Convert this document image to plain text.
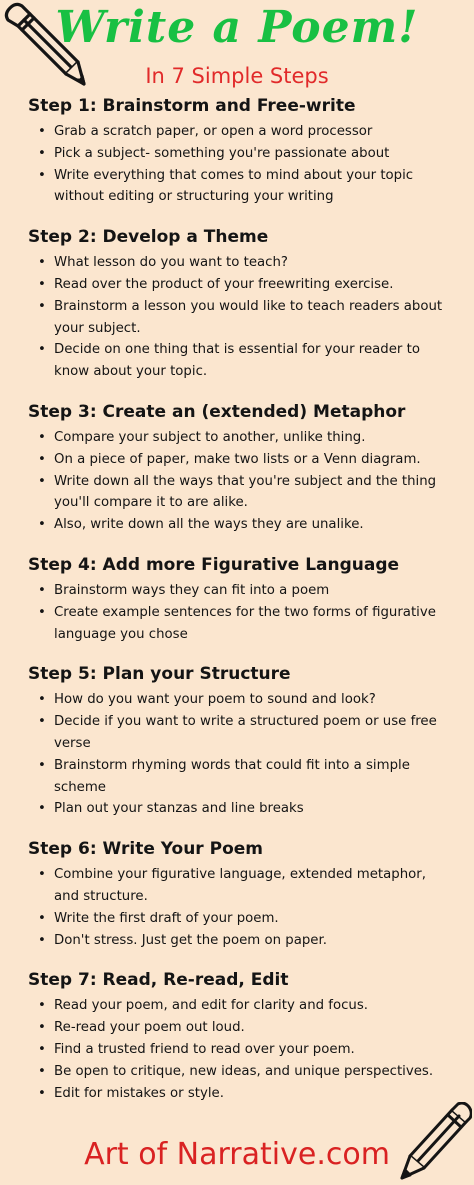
Write a Poem!
In 7 Simple Steps
Step 1: Brainstorm and Free-write
• Grab a scratch paper, or open a word processor
• Pick a subject- something you're passionate about
• Write everything that comes to mind about your topic without editing or structuring your writing
Step 2: Develop a Theme
• What lesson do you want to teach?
• Read over the product of your freewriting exercise.
• Brainstorm a lesson you would like to teach readers about your subject.
• Decide on one thing that is essential for your reader to know about your topic.
Step 3: Create an (extended) Metaphor
• Compare your subject to another, unlike thing.
• On a piece of paper, make two lists or a Venn diagram.
• Write down all the ways that you're subject and the thing you'll compare it to are alike.
• Also, write down all the ways they are unalike.
Step 4: Add more Figurative Language
• Brainstorm ways they can fit into a poem
• Create example sentences for the two forms of figurative language you chose
Step 5: Plan your Structure
• How do you want your poem to sound and look?
• Decide if you want to write a structured poem or use free verse
• Brainstorm rhyming words that could fit into a simple scheme
• Plan out your stanzas and line breaks
Step 6: Write Your Poem
• Combine your figurative language, extended metaphor, and structure.
• Write the first draft of your poem.
• Don't stress. Just get the poem on paper.
Step 7: Read, Re-read, Edit
• Read your poem, and edit for clarity and focus.
• Re-read your poem out loud.
• Find a trusted friend to read over your poem.
• Be open to critique, new ideas, and unique perspectives.
• Edit for mistakes or style.
Art of Narrative.com
